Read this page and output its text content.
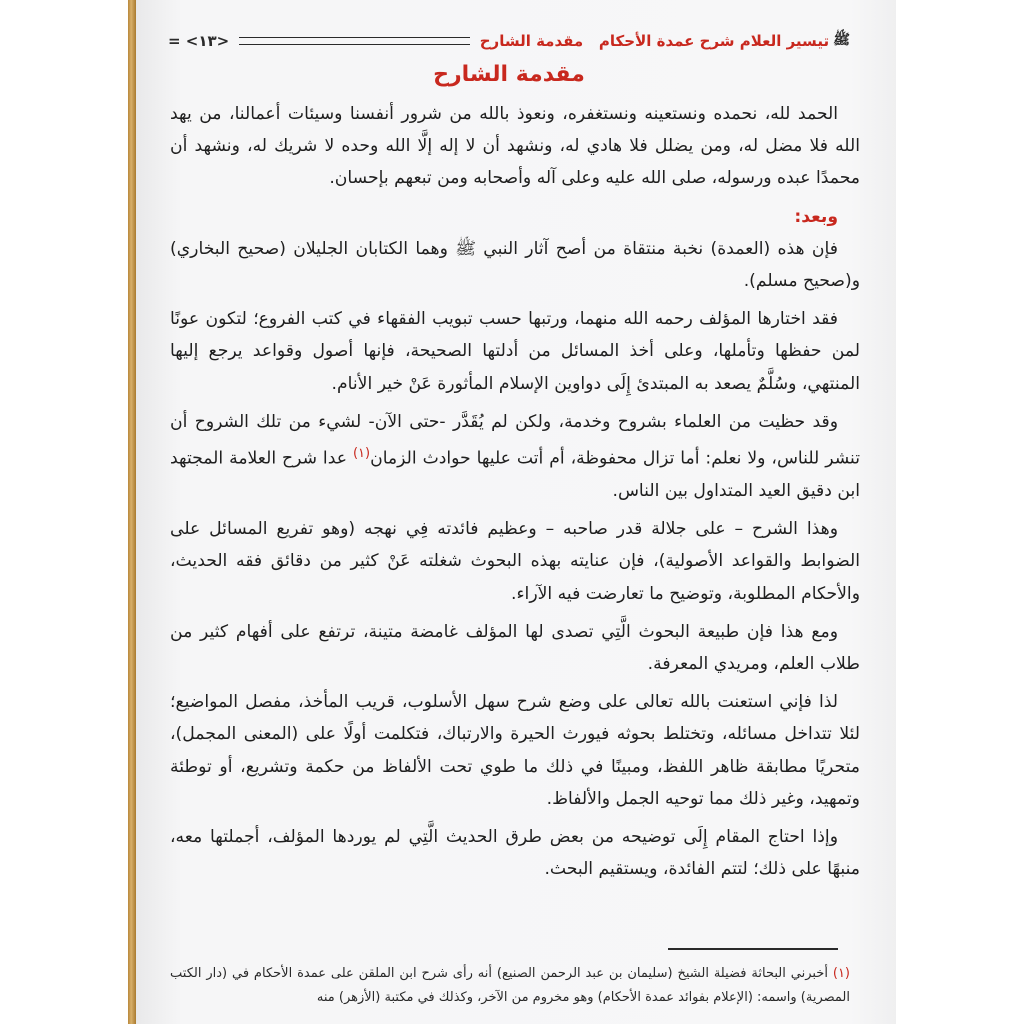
ﷺ
تيسير العلام شرح عمدة الأحكام   مقدمة الشارح
<١٣> =
مقدمة الشارح

الحمد لله، نحمده ونستعينه ونستغفره، ونعوذ بالله من شرور أنفسنا وسيئات أعمالنا، من يهد الله فلا مضل له، ومن يضلل فلا هادي له، ونشهد أن لا إله إلَّا الله وحده لا شريك له، ونشهد أن محمدًا عبده ورسوله، صلى الله عليه وعلى آله وأصحابه ومن تبعهم بإحسان.

وبعد:

فإن هذه (العمدة) نخبة منتقاة من أصح آثار النبي ﷺ وهما الكتابان الجليلان (صحيح البخاري) و(صحيح مسلم).

فقد اختارها المؤلف رحمه الله منهما، ورتبها حسب تبويب الفقهاء في كتب الفروع؛ لتكون عونًا لمن حفظها وتأملها، وعلى أخذ المسائل من أدلتها الصحيحة، فإنها أصول وقواعد يرجع إليها المنتهي، وسُلَّمٌ يصعد به المبتدئ إِلَى دواوين الإسلام المأثورة عَنْ خير الأنام.

وقد حظيت من العلماء بشروح وخدمة، ولكن لم يُقَدَّر -حتى الآن- لشيء من تلك الشروح أن تنشر للناس، ولا نعلم: أما تزال محفوظة، أم أتت عليها حوادث الزمان$^{(١)}$ عدا شرح العلامة المجتهد ابن دقيق العيد المتداول بين الناس.

وهذا الشرح – على جلالة قدر صاحبه – وعظيم فائدته فِي نهجه (وهو تفريع المسائل على الضوابط والقواعد الأصولية)، فإن عنايته بهذه البحوث شغلته عَنْ كثير من دقائق فقه الحديث، والأحكام المطلوبة، وتوضيح ما تعارضت فيه الآراء.

ومع هذا فإن طبيعة البحوث الَّتِي تصدى لها المؤلف غامضة متينة، ترتفع على أفهام كثير من طلاب العلم، ومريدي المعرفة.

لذا فإني استعنت بالله تعالى على وضع شرح سهل الأسلوب، قريب المأخذ، مفصل المواضيع؛ لئلا تتداخل مسائله، وتختلط بحوثه فيورث الحيرة والارتباك، فتكلمت أولًا على (المعنى المجمل)، متحريًا مطابقة ظاهر اللفظ، ومبينًا في ذلك ما طوي تحت الألفاظ من حكمة وتشريع، أو توطئة وتمهيد، وغير ذلك مما توحيه الجمل والألفاظ.

وإذا احتاج المقام إِلَى توضيحه من بعض طرق الحديث الَّتِي لم يوردها المؤلف، أجملتها معه، منبهًا على ذلك؛ لتتم الفائدة، ويستقيم البحث.

(١) أخبرني البحاثة فضيلة الشيخ (سليمان بن عبد الرحمن الصنيع) أنه رأى شرح ابن الملقن على عمدة الأحكام في (دار الكتب المصرية) واسمه: (الإعلام بفوائد عمدة الأحكام) وهو مخروم من الآخر، وكذلك في مكتبة (الأزهر) منه
